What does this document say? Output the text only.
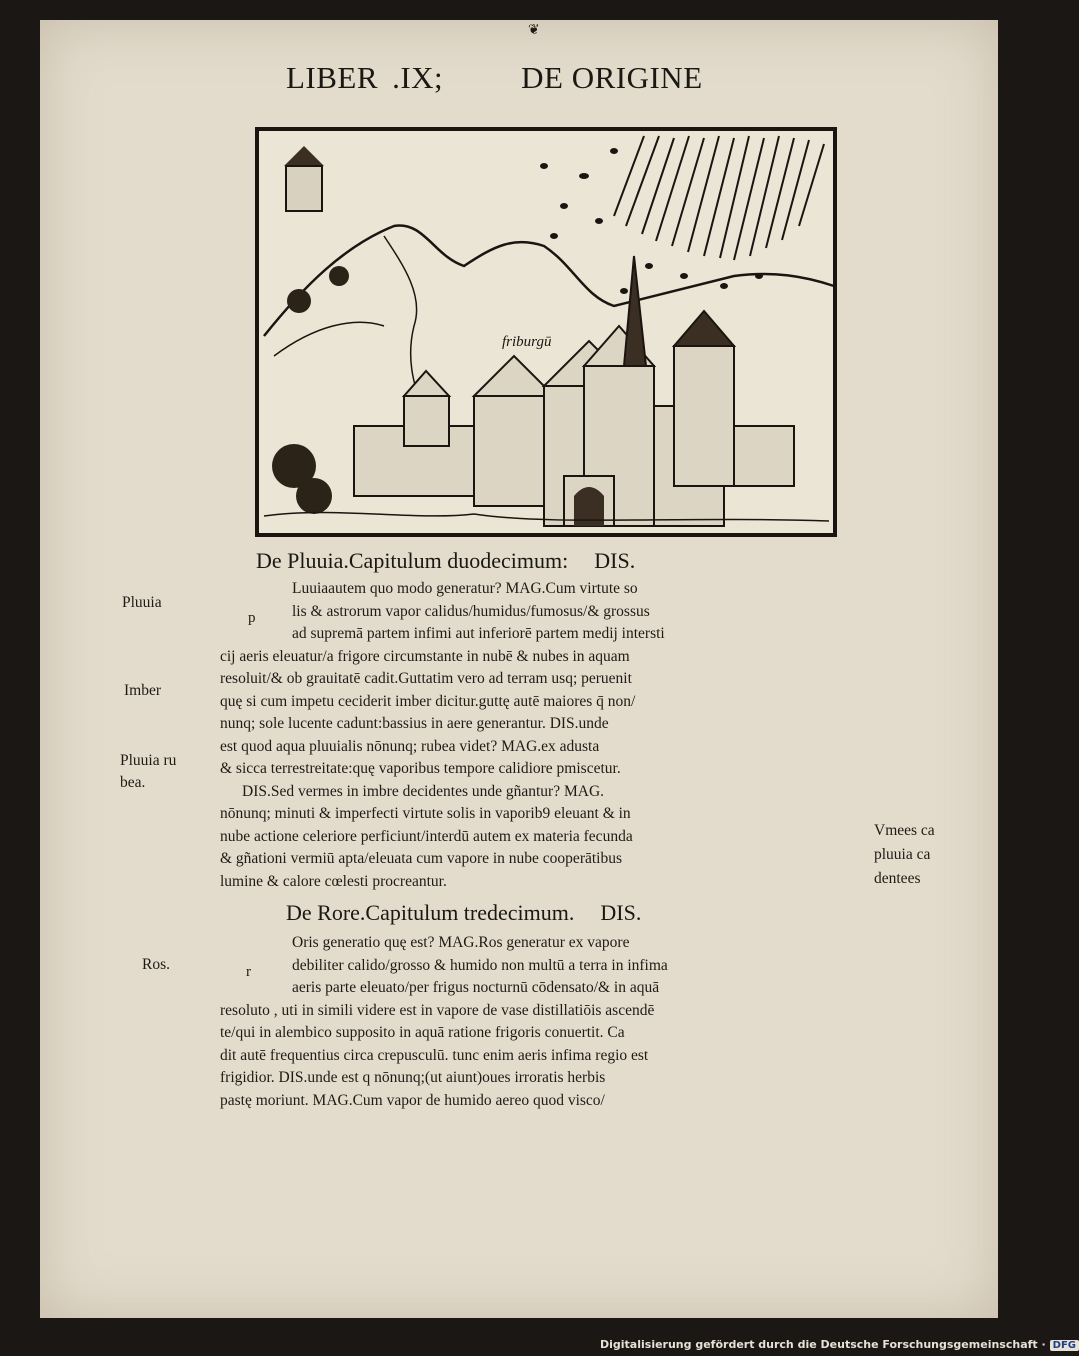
❦
LIBER .IX;	DE ORIGINE
friburgū
De Pluuia.Capitulum duodecimum: DIS.
p
Luuiaautem quo modo generatur? MAG.Cum virtute so
lis & astrorum vapor calidus/humidus/fumosus/& grossus
ad supremā partem infimi aut inferiorē partem medij intersti
cij aeris eleuatur/a frigore circumstante in nubē & nubes in aquam
resoluit/& ob grauitatē cadit.Guttatim vero ad terram usq; peruenit
quę si cum impetu ceciderit imber dicitur.guttę autē maiores q̄ non/
nunq; sole lucente cadunt:bassius in aere generantur. DIS.unde
est quod aqua pluuialis nōnunq; rubea videt? MAG.ex adusta
& sicca terrestreitate:quę vaporibus tempore calidiore pmiscetur.
DIS.Sed vermes in imbre decidentes unde gñantur? MAG.
nōnunq; minuti & imperfecti virtute solis in vaporib9 eleuant & in
nube actione celeriore perficiunt/interdū autem ex materia fecunda
& gñationi vermiū apta/eleuata cum vapore in nube cooperātibus
lumine & calore cœlesti procreantur.
De Rore.Capitulum tredecimum. DIS.
r
Oris generatio quę est? MAG.Ros generatur ex vapore
debiliter calido/grosso & humido non multū a terra in infima
aeris parte eleuato/per frigus nocturnū cōdensato/& in aquā
resoluto , uti in simili videre est in vapore de vase distillatiōis ascendē
te/qui in alembico supposito in aquā ratione frigoris conuertit. Ca
dit autē frequentius circa crepusculū. tunc enim aeris infima regio est
frigidior. DIS.unde est q nōnunq;(ut aiunt)oues irroratis herbis
pastę moriunt. MAG.Cum vapor de humido aereo quod visco/
Pluuia
Imber
Pluuia ru
bea.
Ros.
Vmees ca
pluuia ca
dentees
Digitalisierung gefördert durch die Deutsche Forschungsgemeinschaft · DFG
